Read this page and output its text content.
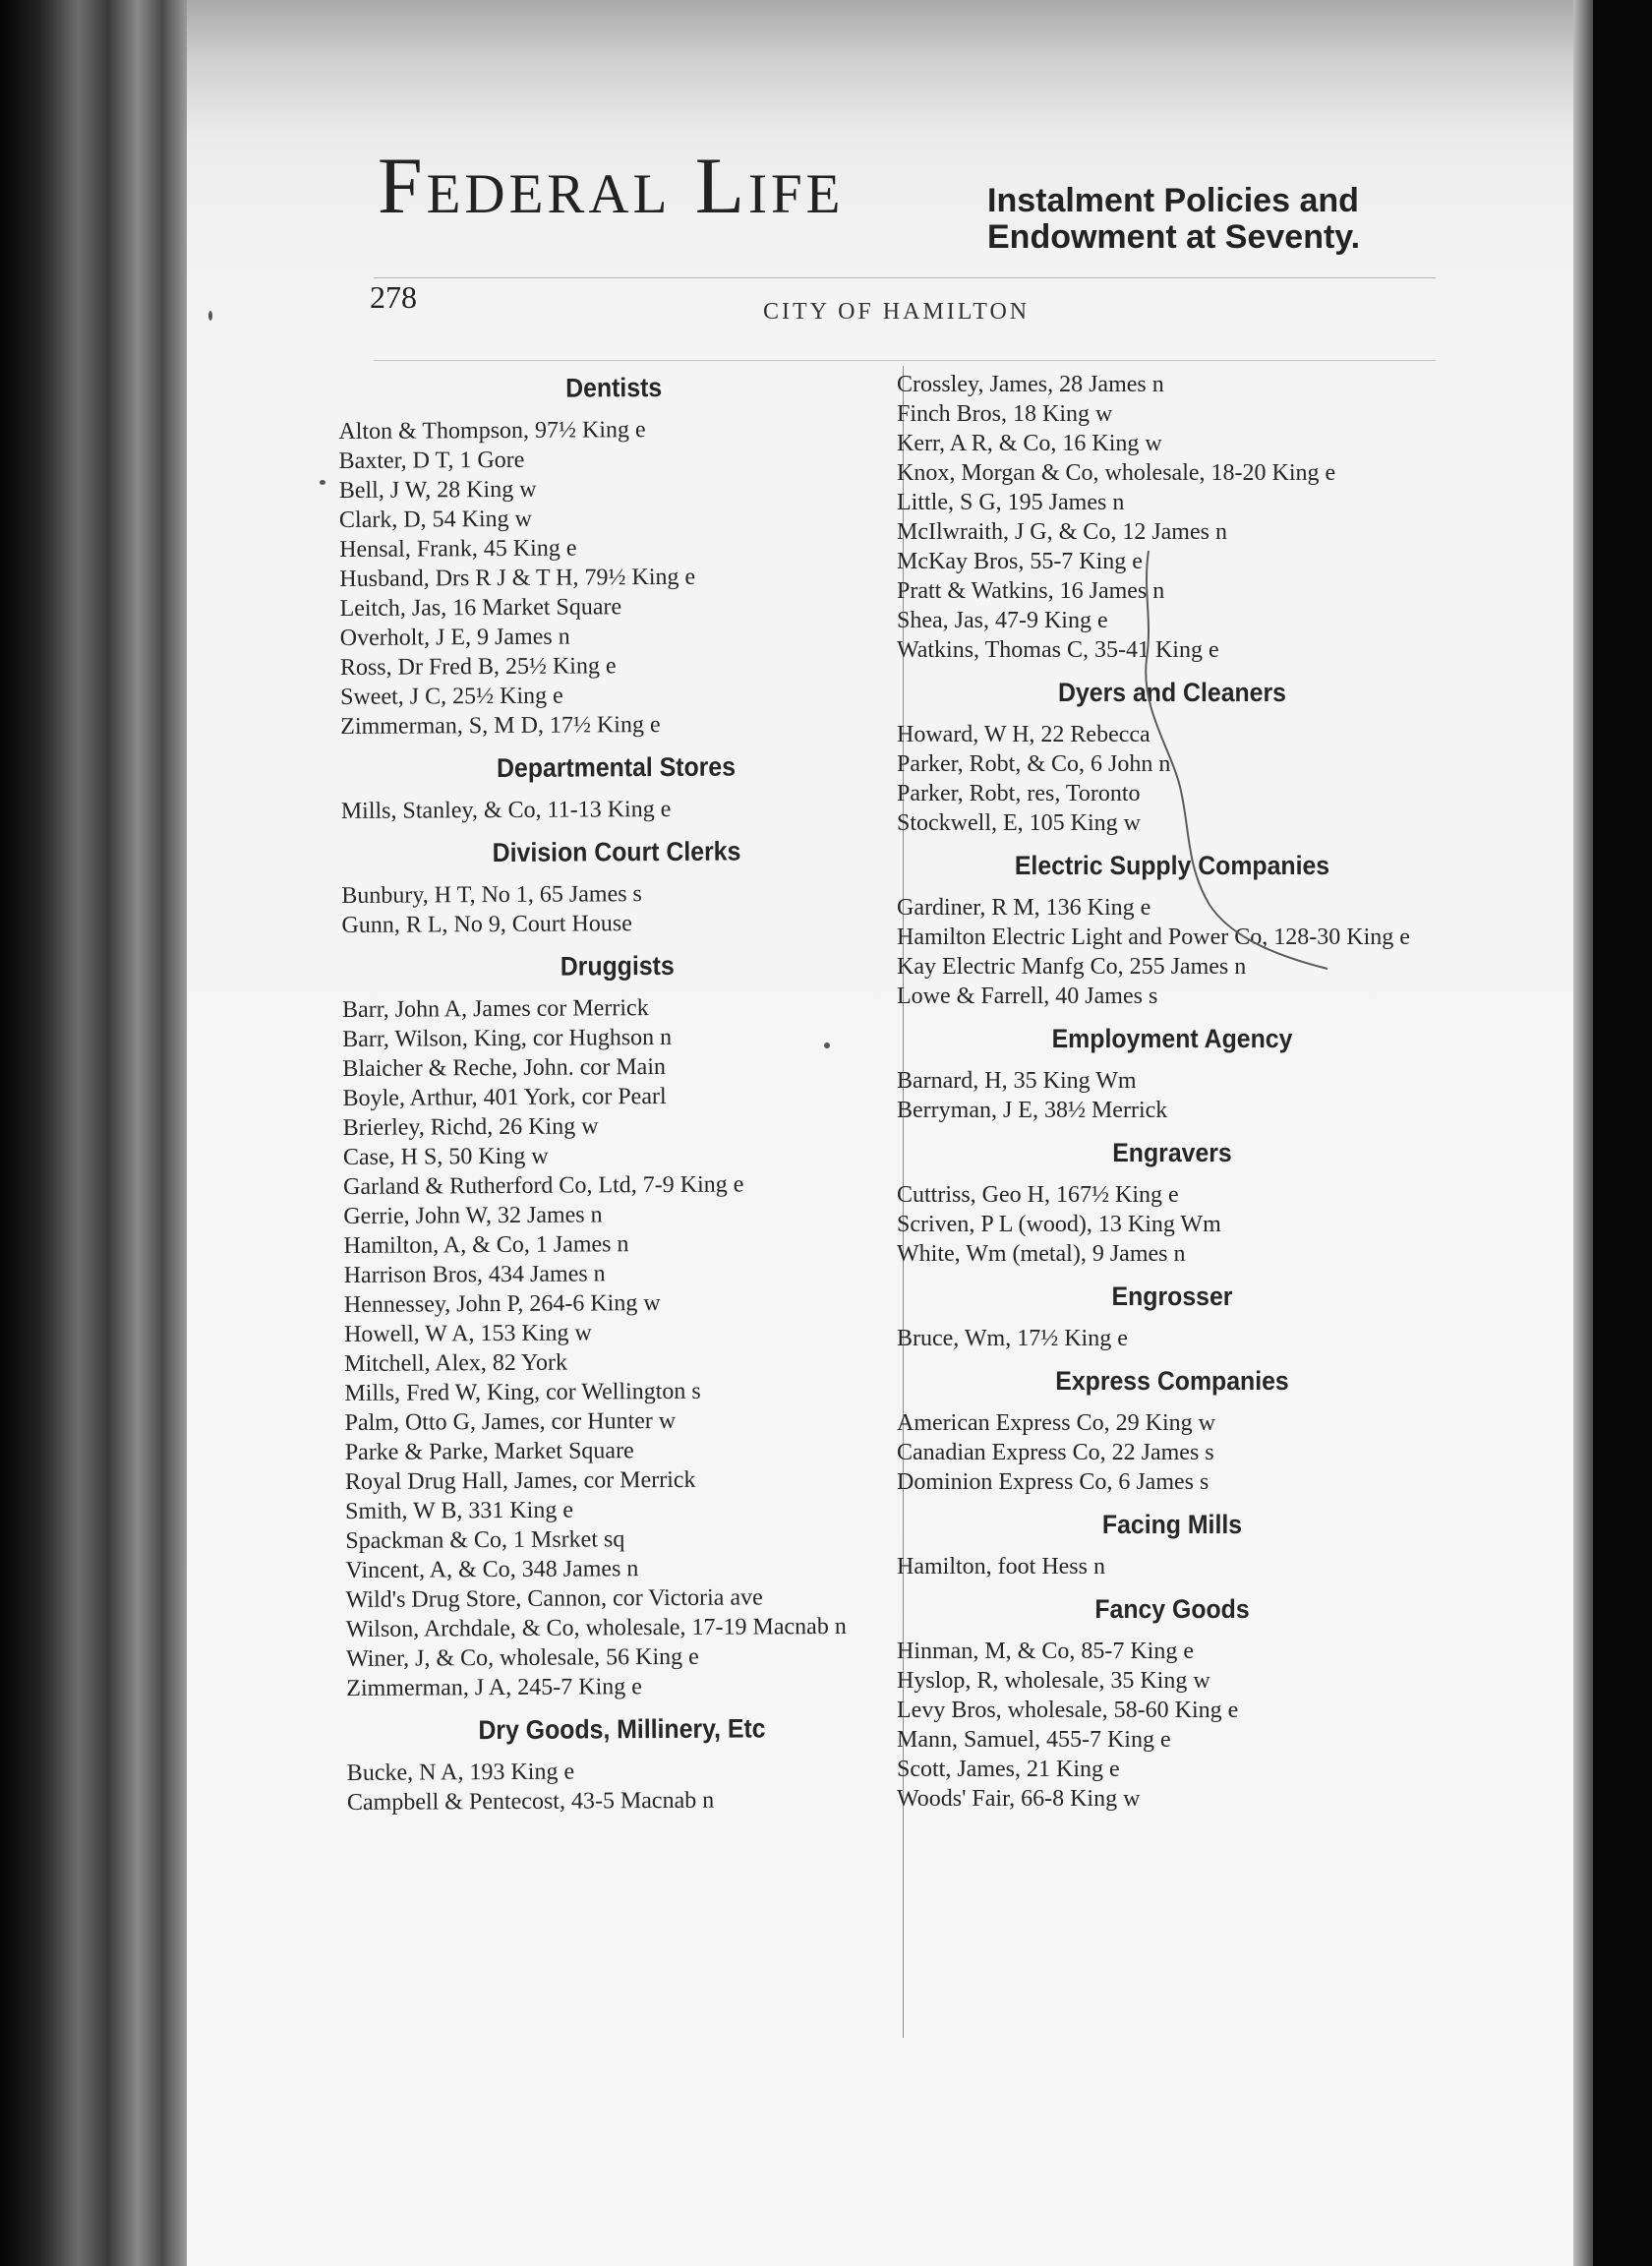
Federal Life	Instalment Policies and
Endowment at Seventy.
278	CITY OF HAMILTON
Dentists
Alton & Thompson, 97½ King e
Baxter, D T, 1 Gore
Bell, J W, 28 King w
Clark, D, 54 King w
Hensal, Frank, 45 King e
Husband, Drs R J & T H, 79½ King e
Leitch, Jas, 16 Market Square
Overholt, J E, 9 James n
Ross, Dr Fred B, 25½ King e
Sweet, J C, 25½ King e
Zimmerman, S, M D, 17½ King e
Departmental Stores
Mills, Stanley, & Co, 11-13 King e
Division Court Clerks
Bunbury, H T, No 1, 65 James s
Gunn, R L, No 9, Court House
Druggists
Barr, John A, James cor Merrick
Barr, Wilson, King, cor Hughson n
Blaicher & Reche, John. cor Main
Boyle, Arthur, 401 York, cor Pearl
Brierley, Richd, 26 King w
Case, H S, 50 King w
Garland & Rutherford Co, Ltd, 7-9 King e
Gerrie, John W, 32 James n
Hamilton, A, & Co, 1 James n
Harrison Bros, 434 James n
Hennessey, John P, 264-6 King w
Howell, W A, 153 King w
Mitchell, Alex, 82 York
Mills, Fred W, King, cor Wellington s
Palm, Otto G, James, cor Hunter w
Parke & Parke, Market Square
Royal Drug Hall, James, cor Merrick
Smith, W B, 331 King e
Spackman & Co, 1 Msrket sq
Vincent, A, & Co, 348 James n
Wild's Drug Store, Cannon, cor Victoria ave
Wilson, Archdale, & Co, wholesale, 17-19 Macnab n
Winer, J, & Co, wholesale, 56 King e
Zimmerman, J A, 245-7 King e
Dry Goods, Millinery, Etc
Bucke, N A, 193 King e
Campbell & Pentecost, 43-5 Macnab n
Crossley, James, 28 James n
Finch Bros, 18 King w
Kerr, A R, & Co, 16 King w
Knox, Morgan & Co, wholesale, 18-20 King e
Little, S G, 195 James n
McIlwraith, J G, & Co, 12 James n
McKay Bros, 55-7 King e
Pratt & Watkins, 16 James n
Shea, Jas, 47-9 King e
Watkins, Thomas C, 35-41 King e
Dyers and Cleaners
Howard, W H, 22 Rebecca
Parker, Robt, & Co, 6 John n
Parker, Robt, res, Toronto
Stockwell, E, 105 King w
Electric Supply Companies
Gardiner, R M, 136 King e
Hamilton Electric Light and Power Co, 128-30 King e
Kay Electric Manfg Co, 255 James n
Lowe & Farrell, 40 James s
Employment Agency
Barnard, H, 35 King Wm
Berryman, J E, 38½ Merrick
Engravers
Cuttriss, Geo H, 167½ King e
Scriven, P L (wood), 13 King Wm
White, Wm (metal), 9 James n
Engrosser
Bruce, Wm, 17½ King e
Express Companies
American Express Co, 29 King w
Canadian Express Co, 22 James s
Dominion Express Co, 6 James s
Facing Mills
Hamilton, foot Hess n
Fancy Goods
Hinman, M, & Co, 85-7 King e
Hyslop, R, wholesale, 35 King w
Levy Bros, wholesale, 58-60 King e
Mann, Samuel, 455-7 King e
Scott, James, 21 King e
Woods' Fair, 66-8 King w
